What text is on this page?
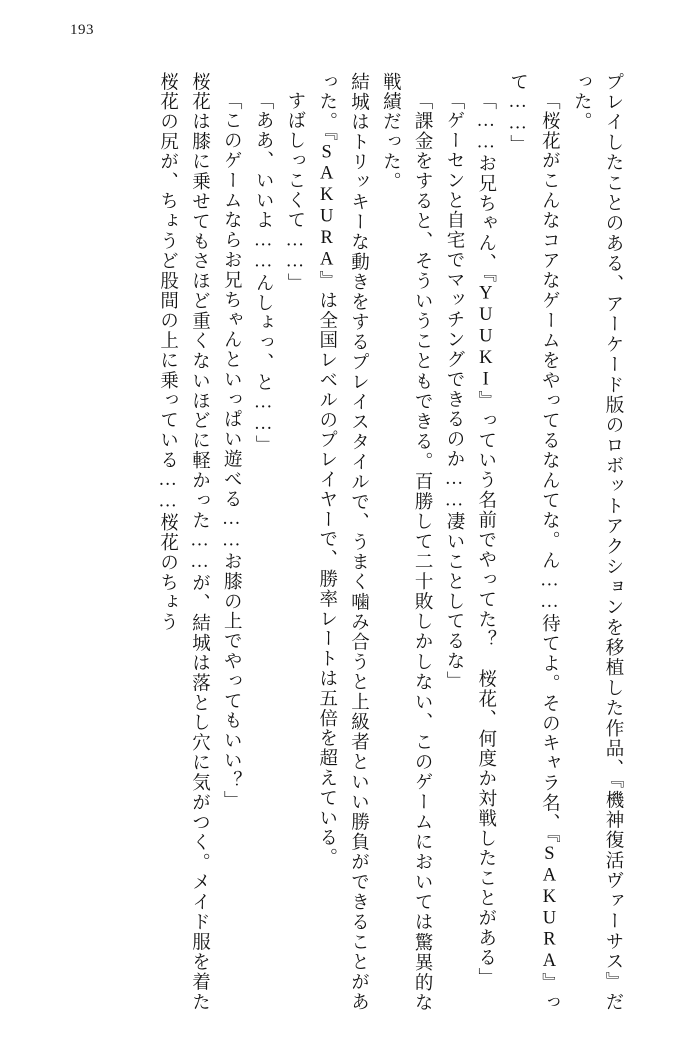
193

プレイしたことのある、アーケード版のロボットアクションを移植した作品、『機神復活ヴァーサス』だった。

「桜花がこんなコアなゲームをやってるなんてな。ん……待てよ。そのキャラ名、『SAKURA』って……」

「……お兄ちゃん、『YUUKI』っていう名前でやってた？　桜花、何度か対戦したことがある」

「ゲーセンと自宅でマッチングできるのか……凄いことしてるな」

「課金をすると、そういうこともできる。百勝して二十敗しかしない、このゲームにおいては驚異的な戦績だった。

結城はトリッキーな動きをするプレイスタイルで、うまく噛み合うと上級者といい勝負ができることがあった。『SAKURA』は全国レベルのプレイヤーで、勝率レートは五倍を超えている。

すばしっこくて……」

「ああ、いいよ……んしょっ、と……」

「このゲームならお兄ちゃんといっぱい遊べる……お膝の上でやってもいい？」

桜花は膝に乗せてもさほど重くないほどに軽かった……が、結城は落とし穴に気がつく。メイド服を着た桜花の尻が、ちょうど股間の上に乗っている……桜花のちょう
